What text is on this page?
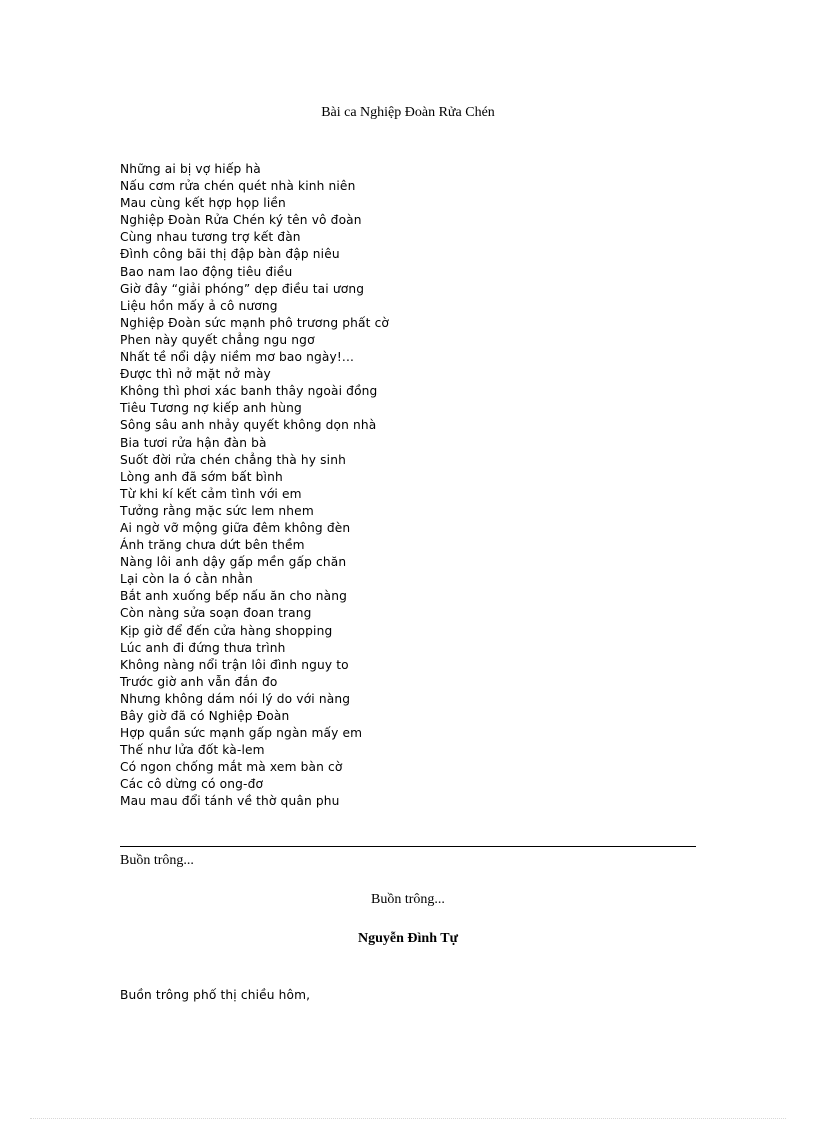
Bài ca Nghiệp Đoàn Rửa Chén
Những ai bị vợ hiếp hà
Nấu cơm rửa chén quét nhà kinh niên
Mau cùng kết hợp họp liền
Nghiệp Đoàn Rửa Chén ký tên vô đoàn
Cùng nhau tương trợ kết đàn
Đình công bãi thị đập bàn đập niêu
Bao nam lao động tiêu điều
Giờ đây “giải phóng” dẹp điều tai ương
Liệu hồn mấy ả cô nương
Nghiệp Đoàn sức mạnh phô trương phất cờ
Phen này quyết chẳng ngu ngơ
Nhất tề nổi dậy niềm mơ bao ngày!...
Được thì nở mặt nở mày
Không thì phơi xác banh thây ngoài đồng
Tiêu Tương nợ kiếp anh hùng
Sông sâu anh nhảy quyết không dọn nhà
Bia tươi rửa hận đàn bà
Suốt đời rửa chén chẳng thà hy sinh
Lòng anh đã sớm bất bình
Từ khi kí kết cảm tình với em
Tưởng rằng mặc sức lem nhem
Ai ngờ vỡ mộng giữa đêm không đèn
Ánh trăng chưa dứt bên thềm
Nàng lôi anh dậy gấp mền gấp chăn
Lại còn la ó cằn nhằn
Bắt anh xuống bếp nấu ăn cho nàng
Còn nàng sửa soạn đoan trang
Kịp giờ để đến cửa hàng shopping
Lúc anh đi đứng thưa trình
Không nàng nổi trận lôi đình nguy to
Trước giờ anh vẫn đắn đo
Nhưng không dám nói lý do với nàng
Bây giờ đã có Nghiệp Đoàn
Hợp quần sức mạnh gấp ngàn mấy em
Thế như lửa đốt kà-lem
Có ngon chống mắt mà xem bàn cờ
Các cô dừng có ong-đơ
Mau mau đổi tánh về thờ quân phu
Buồn trông...
Buồn trông...
Nguyễn Đình Tự
Buồn trông phố thị chiều hôm,
